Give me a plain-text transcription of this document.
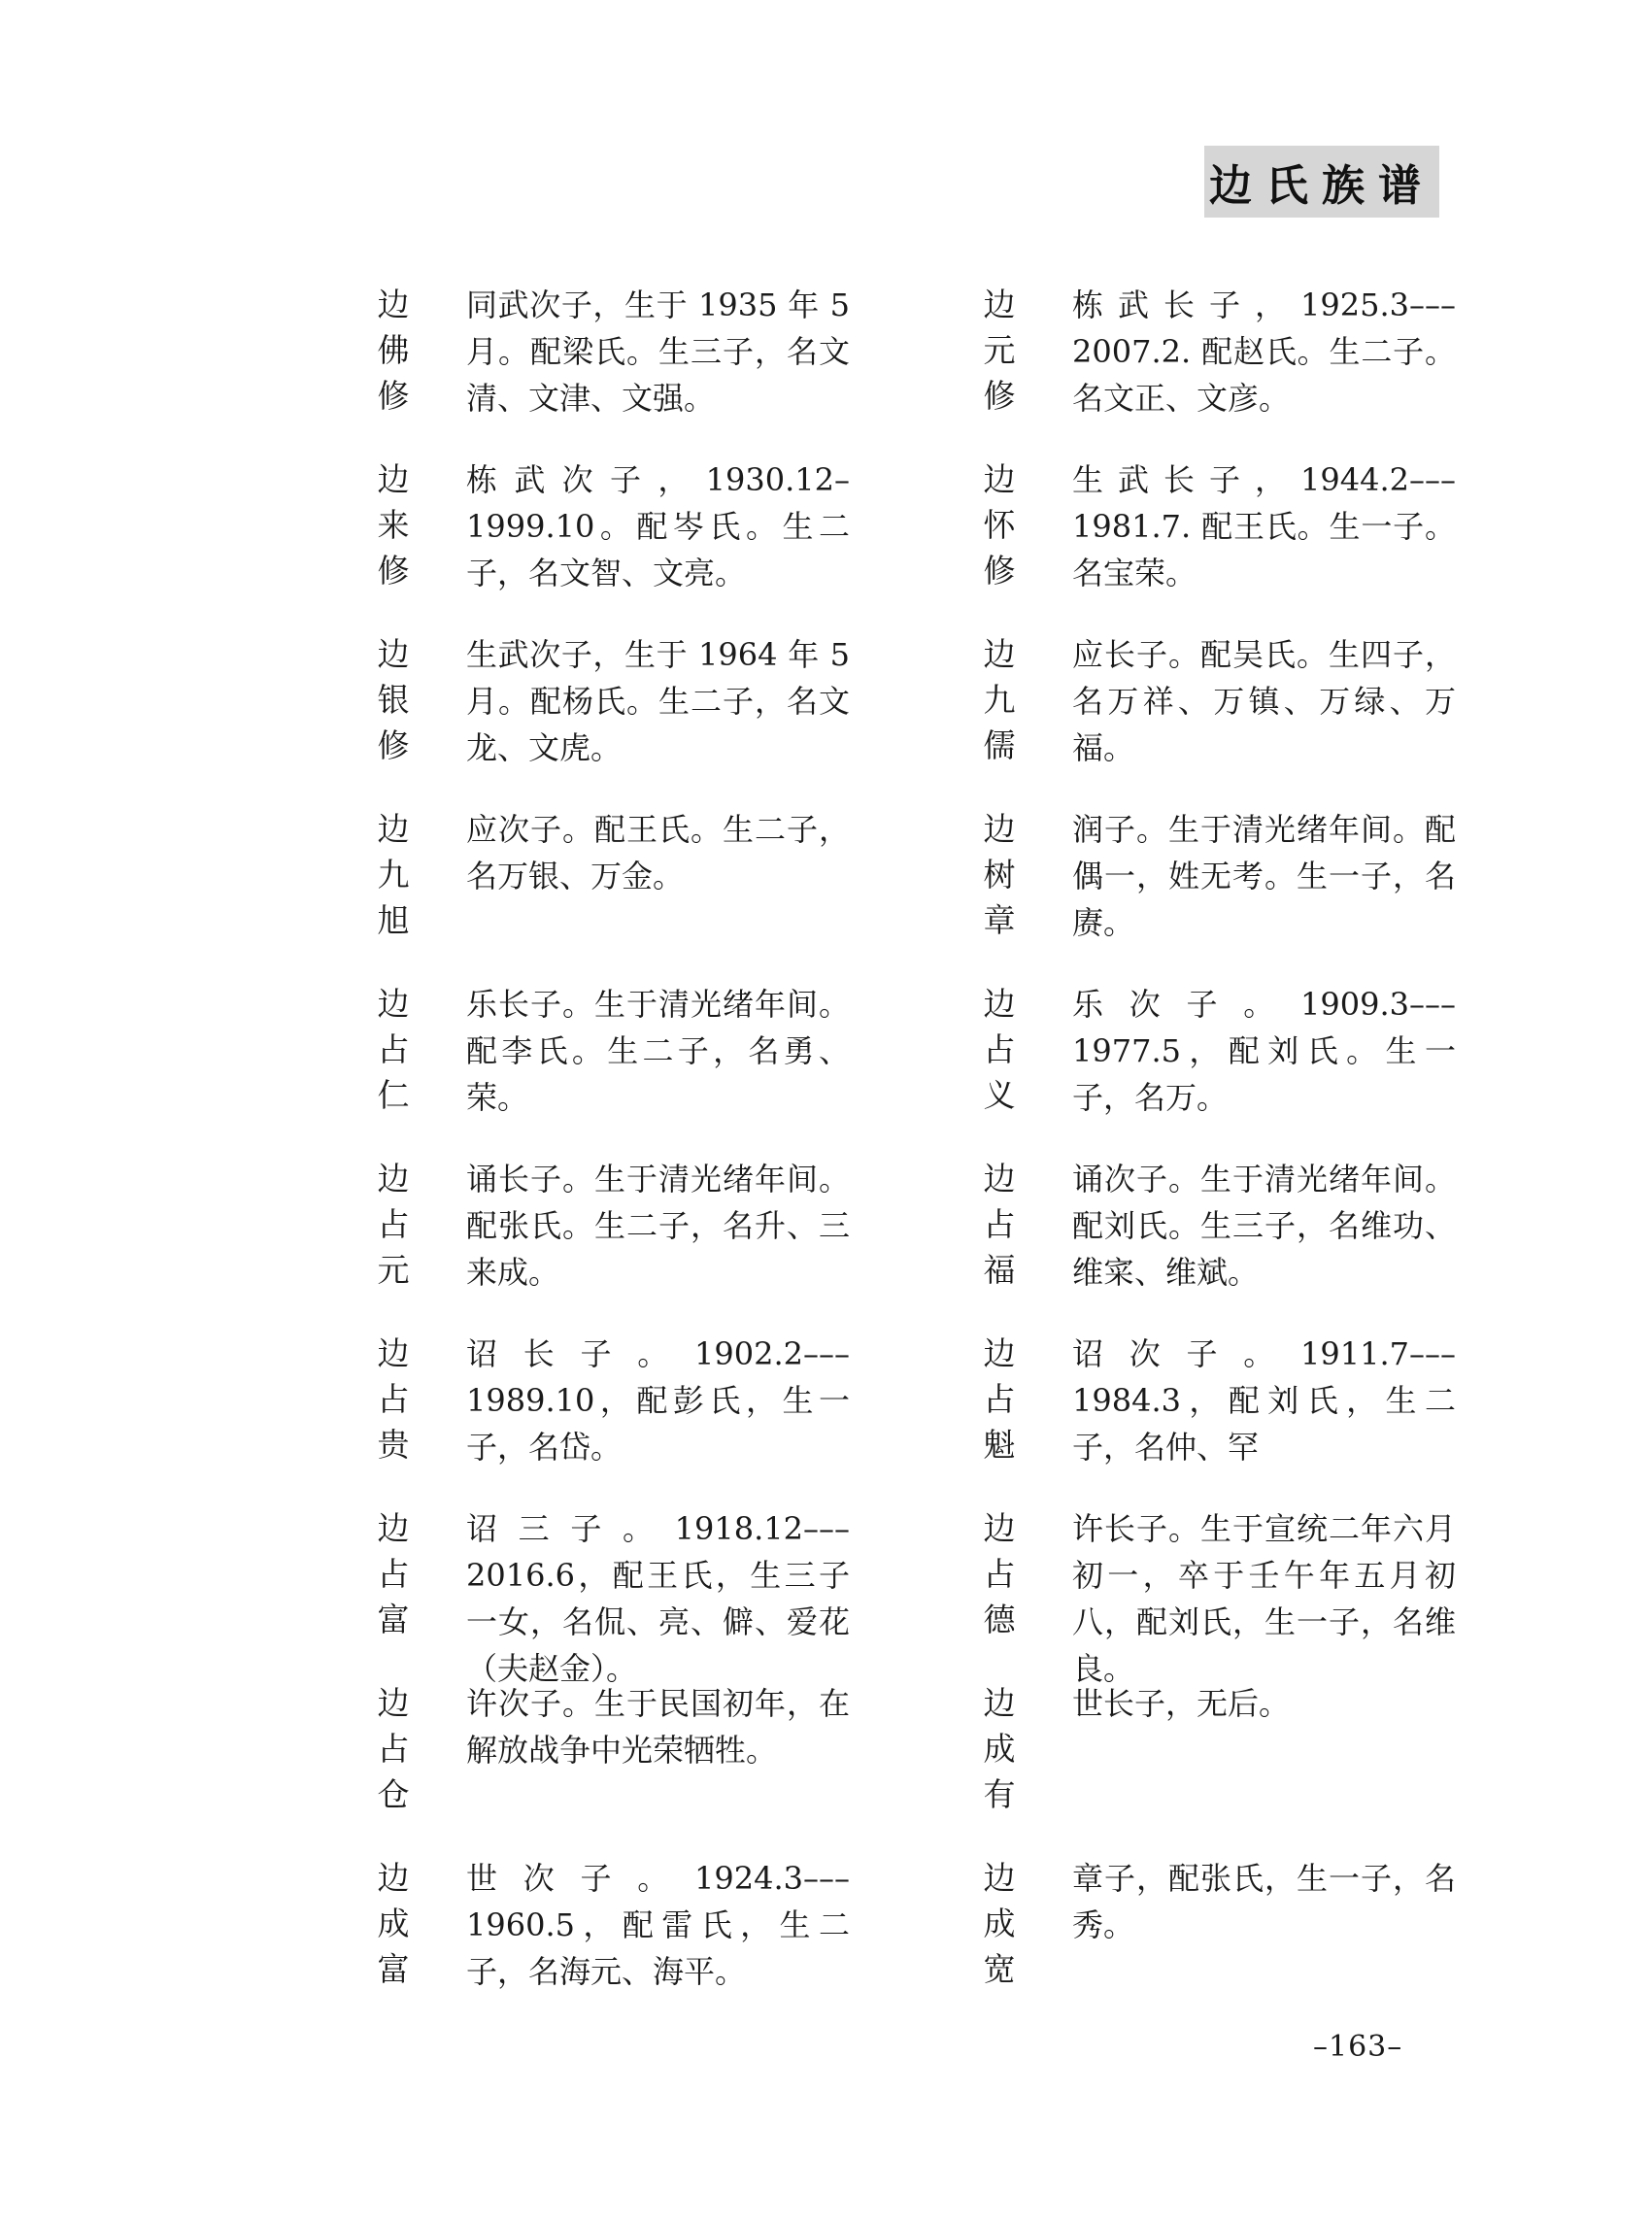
边氏族谱
边
佛
修
同武次子，生于 1935 年 5 月。配梁氏。生三子，名文清、文津、文强。
边
来
修
栋武次子，1930.12–1999.10。配岑氏。生二子，名文智、文亮。
边
银
修
生武次子，生于 1964 年 5 月。配杨氏。生二子，名文龙、文虎。
边
九
旭
应次子。配王氏。生二子，名万银、万金。
边
占
仁
乐长子。生于清光绪年间。配李氏。生二子，名勇、荣。
边
占
元
诵长子。生于清光绪年间。配张氏。生二子，名升、三来成。
边
占
贵
诏长子。1902.2–––1989.10，配彭氏，生一子，名岱。
边
占
富
诏三子。1918.12–––2016.6，配王氏，生三子一女，名侃、亮、僻、爱花（夫赵金）。
边
占
仓
许次子。生于民国初年，在解放战争中光荣牺牲。
边
成
富
世次子。1924.3–––1960.5，配雷氏，生二子，名海元、海平。
边
元
修
栋武长子，1925.3–––2007.2. 配赵氏。生二子。名文正、文彦。
边
怀
修
生武长子，1944.2–––1981.7. 配王氏。生一子。名宝荣。
边
九
儒
应长子。配吴氏。生四子，名万祥、万镇、万绿、万福。
边
树
章
润子。生于清光绪年间。配偶一，姓无考。生一子，名赓。
边
占
义
乐次子。1909.3–––1977.5，配刘氏。生一子，名万。
边
占
福
诵次子。生于清光绪年间。配刘氏。生三子，名维功、维寀、维斌。
边
占
魁
诏次子。1911.7–––1984.3，配刘氏，生二子，名仲、罕
边
占
德
许长子。生于宣统二年六月初一，卒于壬午年五月初八，配刘氏，生一子，名维良。
边
成
有
世长子，无后。
边
成
宽
章子，配张氏，生一子，名秀。
–163–
